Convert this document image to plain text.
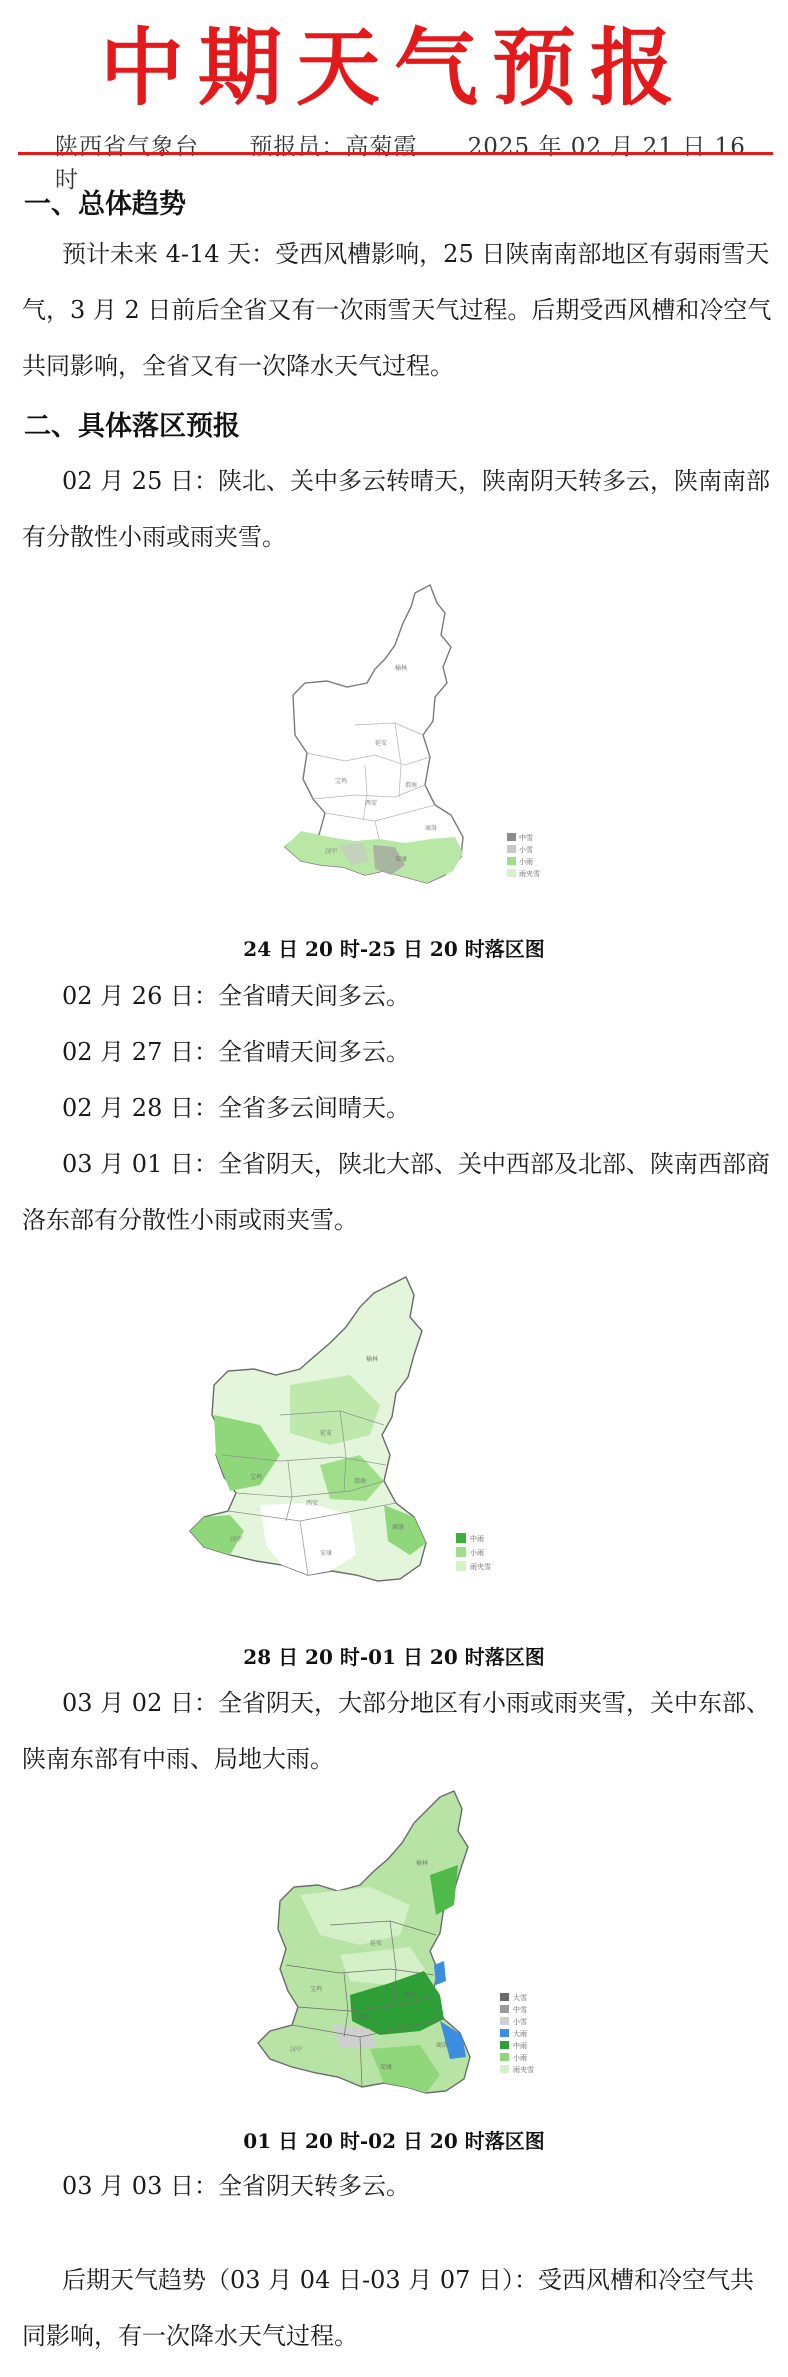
中期天气预报
陕西省气象台 预报员：高菊霞 2025 年 02 月 21 日 16 时
一、总体趋势
预计未来 4-14 天：受西风槽影响，25 日陕南南部地区有弱雨雪天气，3 月 2 日前后全省又有一次雨雪天气过程。后期受西风槽和冷空气共同影响，全省又有一次降水天气过程。
二、具体落区预报
02 月 25 日：陕北、关中多云转晴天，陕南阴天转多云，陕南南部有分散性小雨或雨夹雪。
榆林
延安
宝鸡
渭南
西安
商洛
汉中
安康
中雪
小雪
小雨
雨夹雪
24 日 20 时-25 日 20 时落区图
02 月 26 日：全省晴天间多云。
02 月 27 日：全省晴天间多云。
02 月 28 日：全省多云间晴天。
03 月 01 日：全省阴天，陕北大部、关中西部及北部、陕南西部商洛东部有分散性小雨或雨夹雪。
榆林
延安
宝鸡
渭南
西安
商洛
汉中
安康
中雨
小雨
雨夹雪
28 日 20 时-01 日 20 时落区图
03 月 02 日：全省阴天，大部分地区有小雨或雨夹雪，关中东部、陕南东部有中雨、局地大雨。
榆林
延安
宝鸡
渭南
西安
商洛
汉中
安康
大雪
中雪
小雪
大雨
中雨
小雨
雨夹雪
01 日 20 时-02 日 20 时落区图
03 月 03 日：全省阴天转多云。
后期天气趋势（03 月 04 日-03 月 07 日）：受西风槽和冷空气共同影响，有一次降水天气过程。
